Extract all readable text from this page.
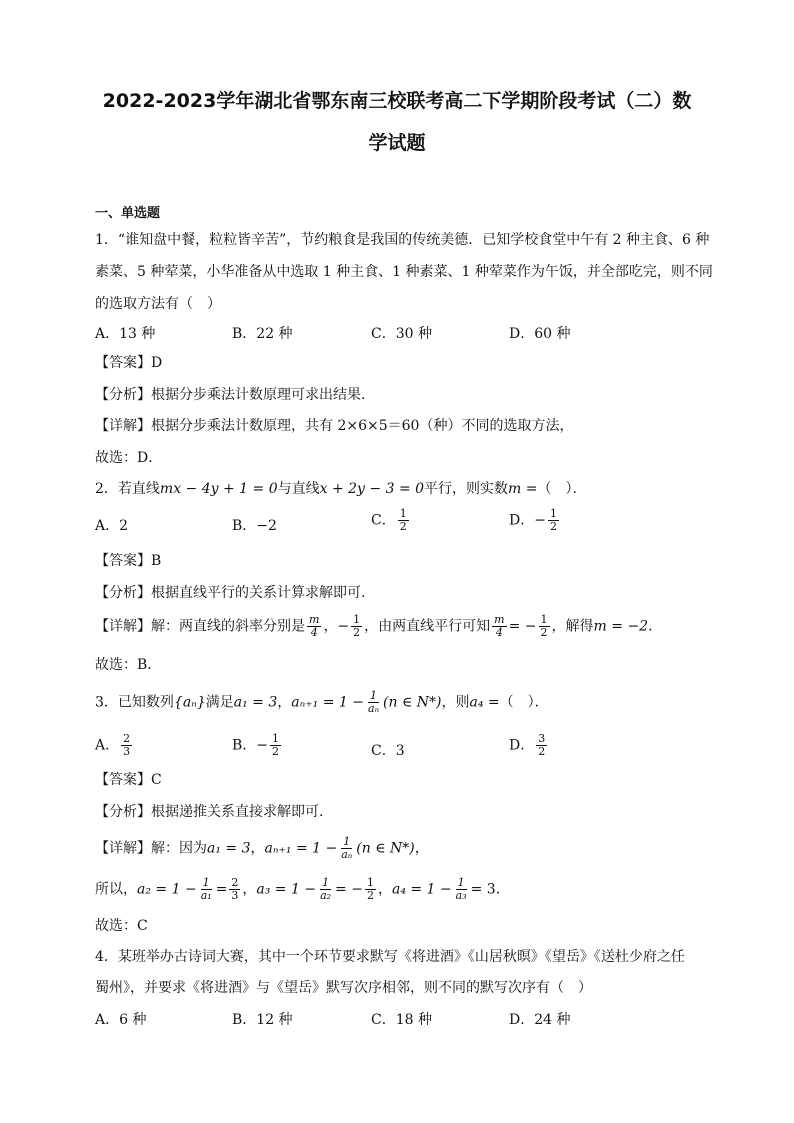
2022-2023学年湖北省鄂东南三校联考高二下学期阶段考试（二）数
学试题
一、单选题
1．“谁知盘中餐，粒粒皆辛苦”，节约粮食是我国的传统美德．已知学校食堂中午有 2 种主食、6 种
素菜、5 种荤菜，小华准备从中选取 1 种主食、1 种素菜、1 种荤菜作为午饭，并全部吃完，则不同
的选取方法有（　）
A．13 种	B．22 种	C．30 种	D．60 种
【答案】D
【分析】根据分步乘法计数原理可求出结果.
【详解】根据分步乘法计数原理，共有 2×6×5＝60（种）不同的选取方法，
故选：D．
2．若直线mx − 4y + 1 = 0与直线x + 2y − 3 = 0平行，则实数m =（　）．
A．2	B．−2	C． $\frac{1}{2}$	D．− $\frac{1}{2}$
【答案】B
【分析】根据直线平行的关系计算求解即可.
【详解】解：两直线的斜率分别是 $\frac{m}{4}$ ，− $\frac{1}{2}$ ，由两直线平行可知 $\frac{m}{4}$ = − $\frac{1}{2}$ ，解得m = −2．
故选：B．
3．已知数列{aₙ}满足a₁ = 3，$a_{n+1} = 1 - \frac{1}{\text{aₙ}} (n$ ∈ N*)，则a₄ =（　）．
A． $\frac{2}{3}$	B．− $\frac{1}{2}$	C．3	D． $\frac{3}{2}$
【答案】C
【分析】根据递推关系直接求解即可.
【详解】解：因为a₁ = 3，$a_{n+1} = 1 - \frac{1}{\text{aₙ}} (n$ ∈ N*)，
所以，$a_2 = 1 - \frac{1}{\text{a₁}} = \frac{2}{3}$ ，$a_3 = 1 - \frac{1}{\text{a₂}}$ = − $\frac{1}{2}$ ，$a_4 = 1 - \frac{1}{\text{a₃}} = 3$．
故选：C
4．某班举办古诗词大赛，其中一个环节要求默写《将进酒》《山居秋暝》《望岳》《送杜少府之任
蜀州》，并要求《将进酒》与《望岳》默写次序相邻，则不同的默写次序有（　）
A．6 种	B．12 种	C．18 种	D．24 种
